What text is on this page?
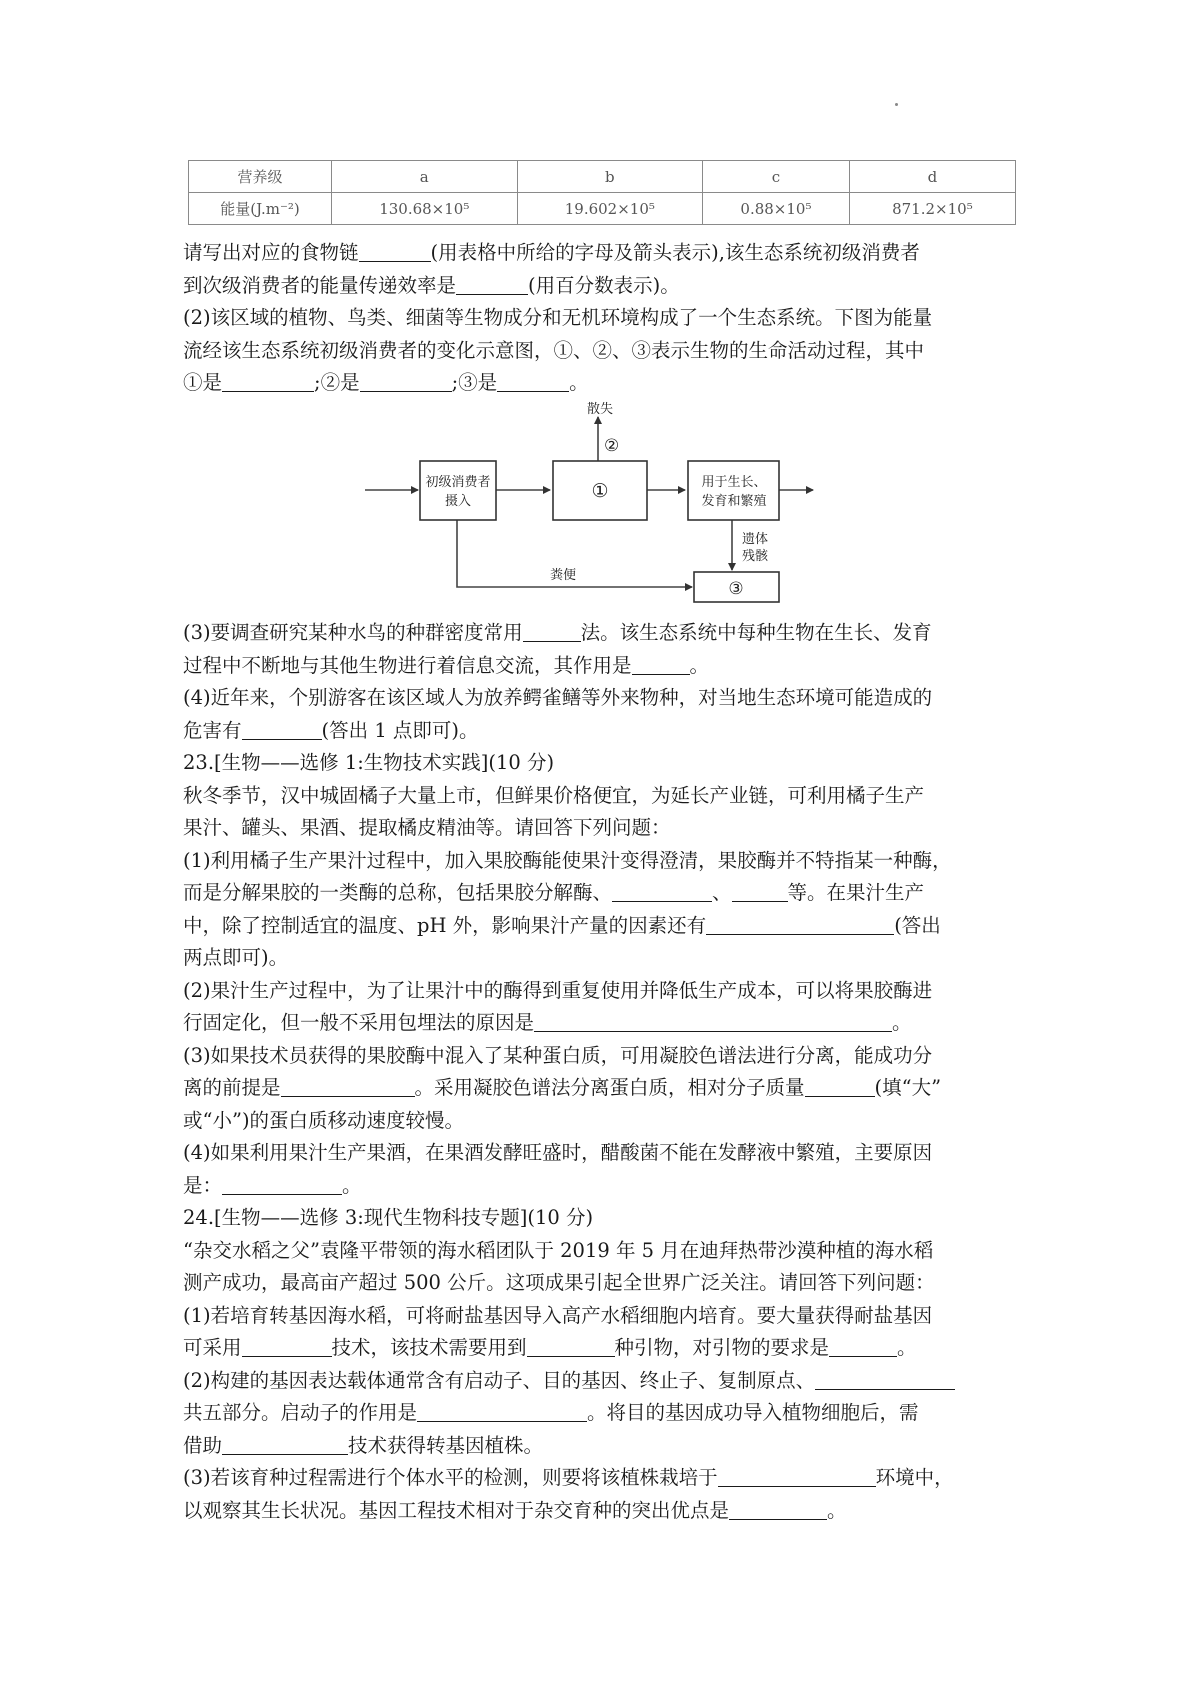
营养级	a	b	c	d
能量(J.m⁻²)	130.68×10⁵	19.602×10⁵	0.88×10⁵	871.2×10⁵

请写出对应的食物链	(用表格中所给的字母及箭头表示),该生态系统初级消费者

到次级消费者的能量传递效率是	(用百分数表示)。

(2)该区域的植物、鸟类、细菌等生物成分和无机环境构成了一个生态系统。下图为能量

流经该生态系统初级消费者的变化示意图，①、②、③表示生物的生命活动过程，其中

①是	;②是	;③是	。

初级消费者
摄入	①	用于生长、
发育和繁殖
③
散失
②
遗体
残骸
粪便

(3)要调查研究某种水鸟的种群密度常用	法。该生态系统中每种生物在生长、发育

过程中不断地与其他生物进行着信息交流，其作用是	。

(4)近年来，个别游客在该区域人为放养鳄雀鳝等外来物种，对当地生态环境可能造成的

危害有	(答出 1 点即可)。

23.[生物——选修 1:生物技术实践](10 分)

秋冬季节，汉中城固橘子大量上市，但鲜果价格便宜，为延长产业链，可利用橘子生产

果汁、罐头、果酒、提取橘皮精油等。请回答下列问题：

(1)利用橘子生产果汁过程中，加入果胶酶能使果汁变得澄清，果胶酶并不特指某一种酶，

而是分解果胶的一类酶的总称，包括果胶分解酶、	、	等。在果汁生产

中，除了控制适宜的温度、pH 外，影响果汁产量的因素还有	(答出

两点即可)。

(2)果汁生产过程中，为了让果汁中的酶得到重复使用并降低生产成本，可以将果胶酶进

行固定化，但一般不采用包埋法的原因是	。

(3)如果技术员获得的果胶酶中混入了某种蛋白质，可用凝胶色谱法进行分离，能成功分

离的前提是	。采用凝胶色谱法分离蛋白质，相对分子质量	(填“大”

或“小”)的蛋白质移动速度较慢。

(4)如果利用果汁生产果酒，在果酒发酵旺盛时，醋酸菌不能在发酵液中繁殖，主要原因

是：	。

24.[生物——选修 3:现代生物科技专题](10 分)

“杂交水稻之父”袁隆平带领的海水稻团队于 2019 年 5 月在迪拜热带沙漠种植的海水稻

测产成功，最高亩产超过 500 公斤。这项成果引起全世界广泛关注。请回答下列问题：

(1)若培育转基因海水稻，可将耐盐基因导入高产水稻细胞内培育。要大量获得耐盐基因

可采用	技术，该技术需要用到	种引物，对引物的要求是	。

(2)构建的基因表达载体通常含有启动子、目的基因、终止子、复制原点、

共五部分。启动子的作用是	。将目的基因成功导入植物细胞后，需

借助	技术获得转基因植株。

(3)若该育种过程需进行个体水平的检测，则要将该植株栽培于	环境中，

以观察其生长状况。基因工程技术相对于杂交育种的突出优点是	。
